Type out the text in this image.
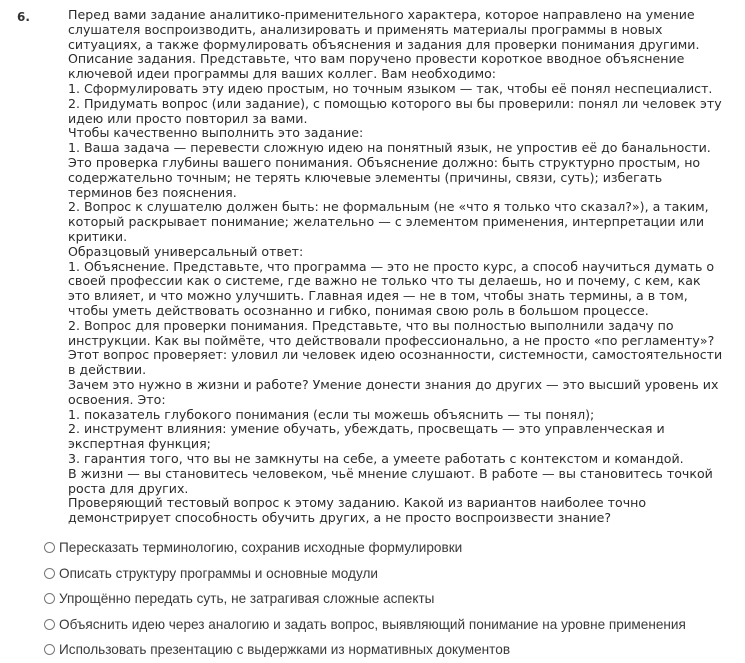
6.	Перед вами задание аналитико-применительного характера, которое направлено на умение
слушателя воспроизводить, анализировать и применять материалы программы в новых
ситуациях, а также формулировать объяснения и задания для проверки понимания другими.
Описание задания. Представьте, что вам поручено провести короткое вводное объяснение
ключевой идеи программы для ваших коллег. Вам необходимо:
1. Сформулировать эту идею простым, но точным языком — так, чтобы её понял неспециалист.
2. Придумать вопрос (или задание), с помощью которого вы бы проверили: понял ли человек эту
идею или просто повторил за вами.
Чтобы качественно выполнить это задание:
1. Ваша задача — перевести сложную идею на понятный язык, не упростив её до банальности.
Это проверка глубины вашего понимания. Объяснение должно: быть структурно простым, но
содержательно точным; не терять ключевые элементы (причины, связи, суть); избегать
терминов без пояснения.
2. Вопрос к слушателю должен быть: не формальным (не «что я только что сказал?»), а таким,
который раскрывает понимание; желательно — с элементом применения, интерпретации или
критики.
Образцовый универсальный ответ:
1. Объяснение. Представьте, что программа — это не просто курс, а способ научиться думать о
своей профессии как о системе, где важно не только что ты делаешь, но и почему, с кем, как
это влияет, и что можно улучшить. Главная идея — не в том, чтобы знать термины, а в том,
чтобы уметь действовать осознанно и гибко, понимая свою роль в большом процессе.
2. Вопрос для проверки понимания. Представьте, что вы полностью выполнили задачу по
инструкции. Как вы поймёте, что действовали профессионально, а не просто «по регламенту»?
Этот вопрос проверяет: уловил ли человек идею осознанности, системности, самостоятельности
в действии.
Зачем это нужно в жизни и работе? Умение донести знания до других — это высший уровень их
освоения. Это:
1. показатель глубокого понимания (если ты можешь объяснить — ты понял);
2. инструмент влияния: умение обучать, убеждать, просвещать — это управленческая и
экспертная функция;
3. гарантия того, что вы не замкнуты на себе, а умеете работать с контекстом и командой.
В жизни — вы становитесь человеком, чьё мнение слушают. В работе — вы становитесь точкой
роста для других.
Проверяющий тестовый вопрос к этому заданию. Какой из вариантов наиболее точно
демонстрирует способность обучить других, а не просто воспроизвести знание?
Пересказать терминологию, сохранив исходные формулировки
Описать структуру программы и основные модули
Упрощённо передать суть, не затрагивая сложные аспекты
Объяснить идею через аналогию и задать вопрос, выявляющий понимание на уровне применения
Использовать презентацию с выдержками из нормативных документов
